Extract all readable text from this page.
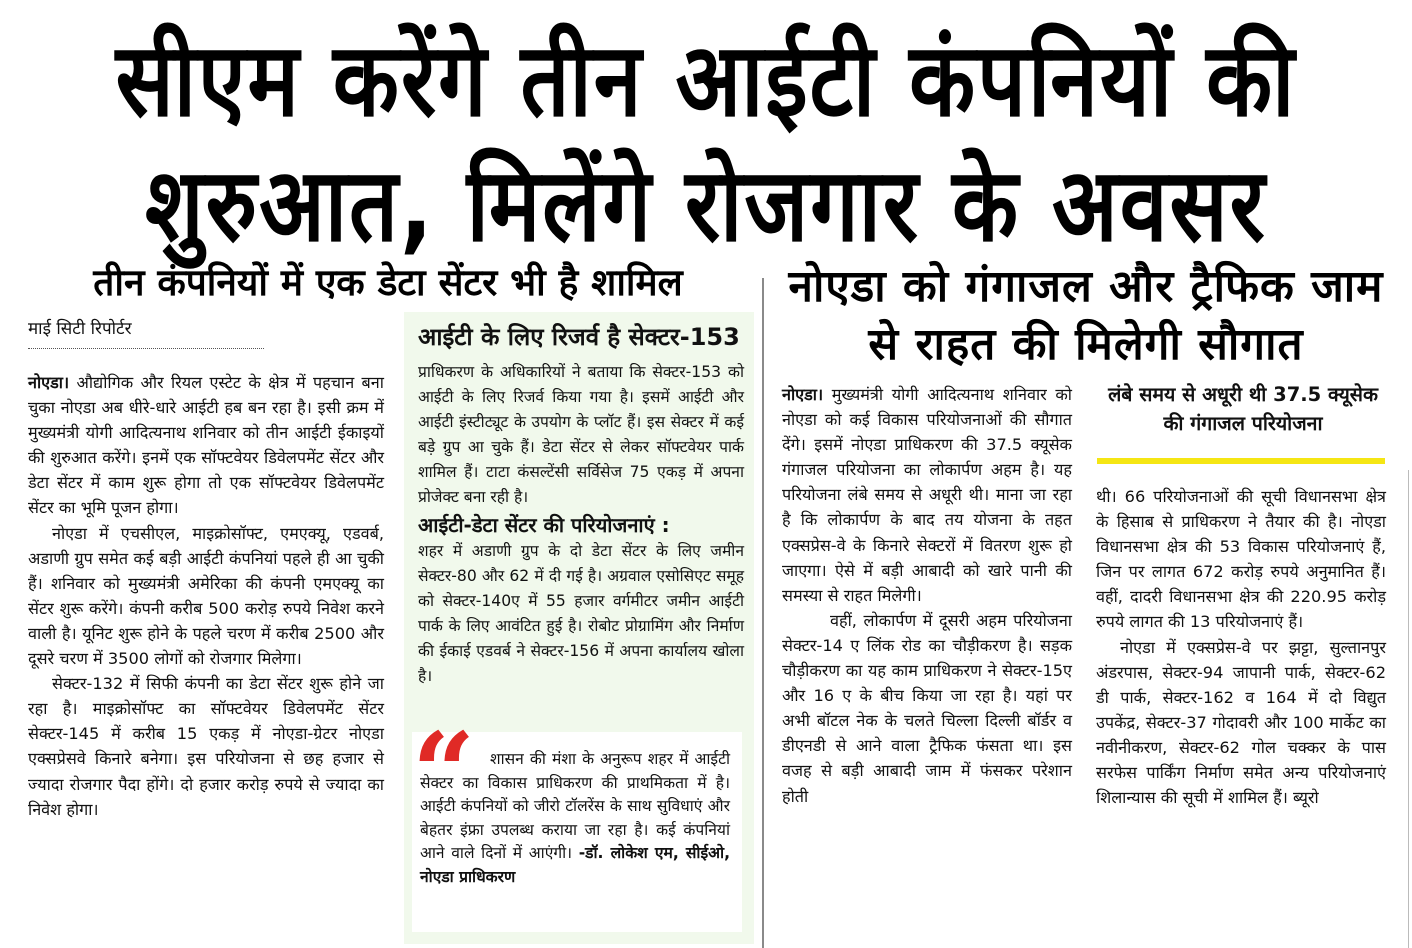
सीएम करेंगे तीन आईटी कंपनियों की शुरुआत, मिलेंगे रोजगार के अवसर
तीन कंपनियों में एक डेटा सेंटर भी है शामिल
माई सिटी रिपोर्टर

नोएडा। औद्योगिक और रियल एस्टेट के क्षेत्र में पहचान बना चुका नोएडा अब धीरे-धारे आईटी हब बन रहा है। इसी क्रम में मुख्यमंत्री योगी आदित्यनाथ शनिवार को तीन आईटी ईकाइयों की शुरुआत करेंगे। इनमें एक सॉफ्टवेयर डिवेलपमेंट सेंटर और डेटा सेंटर में काम शुरू होगा तो एक सॉफ्टवेयर डिवेलपमेंट सेंटर का भूमि पूजन होगा।

नोएडा में एचसीएल, माइक्रोसॉफ्ट, एमएक्यू, एडवर्ब, अडाणी ग्रुप समेत कई बड़ी आईटी कंपनियां पहले ही आ चुकी हैं। शनिवार को मुख्यमंत्री अमेरिका की कंपनी एमएक्यू का सेंटर शुरू करेंगे। कंपनी करीब 500 करोड़ रुपये निवेश करने वाली है। यूनिट शुरू होने के पहले चरण में करीब 2500 और दूसरे चरण में 3500 लोगों को रोजगार मिलेगा।

सेक्टर-132 में सिफी कंपनी का डेटा सेंटर शुरू होने जा रहा है। माइक्रोसॉफ्ट का सॉफ्टवेयर डिवेलपमेंट सेंटर सेक्टर-145 में करीब 15 एकड़ में नोएडा-ग्रेटर नोएडा एक्सप्रेसवे किनारे बनेगा। इस परियोजना से छह हजार से ज्यादा रोजगार पैदा होंगे। दो हजार करोड़ रुपये से ज्यादा का निवेश होगा।

आईटी के लिए रिजर्व है सेक्टर-153

प्राधिकरण के अधिकारियों ने बताया कि सेक्टर-153 को आईटी के लिए रिजर्व किया गया है। इसमें आईटी और आईटी इंस्टीट्यूट के उपयोग के प्लॉट हैं। इस सेक्टर में कई बड़े ग्रुप आ चुके हैं। डेटा सेंटर से लेकर सॉफ्टवेयर पार्क शामिल हैं। टाटा कंसल्टेंसी सर्विसेज 75 एकड़ में अपना प्रोजेक्ट बना रही है।

आईटी-डेटा सेंटर की परियोजनाएं :

शहर में अडाणी ग्रुप के दो डेटा सेंटर के लिए जमीन सेक्टर-80 और 62 में दी गई है। अग्रवाल एसोसिएट समूह को सेक्टर-140ए में 55 हजार वर्गमीटर जमीन आईटी पार्क के लिए आवंटित हुई है। रोबोट प्रोग्रामिंग और निर्माण की ईकाई एडवर्ब ने सेक्टर-156 में अपना कार्यालय खोला है।

“ शासन की मंशा के अनुरूप शहर में आईटी सेक्टर का विकास प्राधिकरण की प्राथमिकता में है। आईटी कंपनियों को जीरो टॉलरेंस के साथ सुविधाएं और बेहतर इंफ्रा उपलब्ध कराया जा रहा है। कई कंपनियां आने वाले दिनों में आएंगी। -डॉ. लोकेश एम, सीईओ, नोएडा प्राधिकरण
नोएडा को गंगाजल और ट्रैफिक जाम से राहत की मिलेगी सौगात

नोएडा। मुख्यमंत्री योगी आदित्यनाथ शनिवार को नोएडा को कई विकास परियोजनाओं की सौगात देंगे। इसमें नोएडा प्राधिकरण की 37.5 क्यूसेक गंगाजल परियोजना का लोकार्पण अहम है। यह परियोजना लंबे समय से अधूरी थी। माना जा रहा है कि लोकार्पण के बाद तय योजना के तहत एक्सप्रेस-वे के किनारे सेक्टरों में वितरण शुरू हो जाएगा। ऐसे में बड़ी आबादी को खारे पानी की समस्या से राहत मिलेगी।

वहीं, लोकार्पण में दूसरी अहम परियोजना सेक्टर-14 ए लिंक रोड का चौड़ीकरण है। सड़क चौड़ीकरण का यह काम प्राधिकरण ने सेक्टर-15ए और 16 ए के बीच किया जा रहा है। यहां पर अभी बॉटल नेक के चलते चिल्ला दिल्ली बॉर्डर व डीएनडी से आने वाला ट्रैफिक फंसता था। इस वजह से बड़ी आबादी जाम में फंसकर परेशान होती

लंबे समय से अधूरी थी 37.5 क्यूसेक की गंगाजल परियोजना

थी। 66 परियोजनाओं की सूची विधानसभा क्षेत्र के हिसाब से प्राधिकरण ने तैयार की है। नोएडा विधानसभा क्षेत्र की 53 विकास परियोजनाएं हैं, जिन पर लागत 672 करोड़ रुपये अनुमानित हैं। वहीं, दादरी विधानसभा क्षेत्र की 220.95 करोड़ रुपये लागत की 13 परियोजनाएं हैं।

नोएडा में एक्सप्रेस-वे पर झट्टा, सुल्तानपुर अंडरपास, सेक्टर-94 जापानी पार्क, सेक्टर-62 डी पार्क, सेक्टर-162 व 164 में दो विद्युत उपकेंद्र, सेक्टर-37 गोदावरी और 100 मार्केट का नवीनीकरण, सेक्टर-62 गोल चक्कर के पास सरफेस पार्किंग निर्माण समेत अन्य परियोजनाएं शिलान्यास की सूची में शामिल हैं। ब्यूरो
